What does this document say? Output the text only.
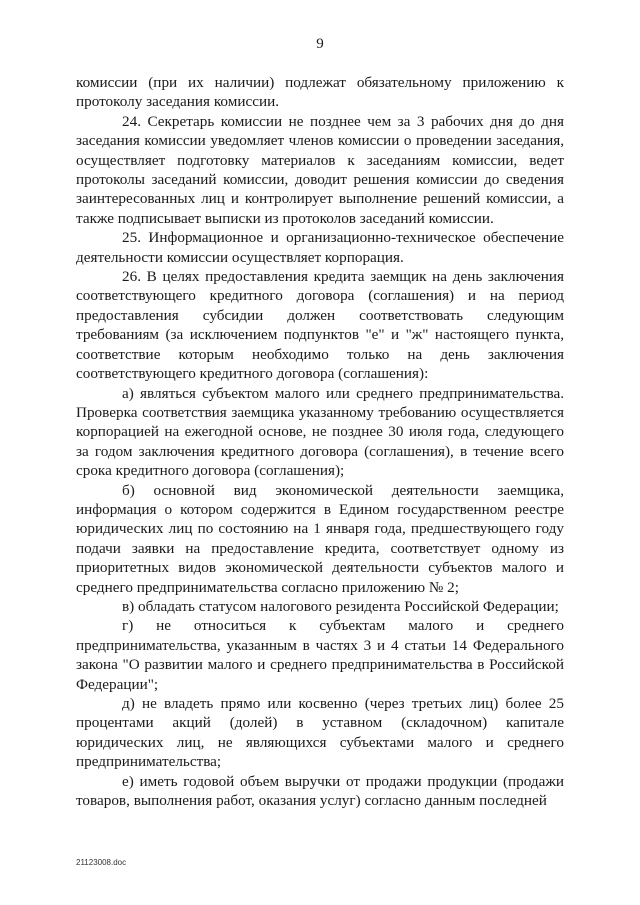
9

комиссии (при их наличии) подлежат обязательному приложению к протоколу заседания комиссии.

24. Секретарь комиссии не позднее чем за 3 рабочих дня до дня заседания комиссии уведомляет членов комиссии о проведении заседания, осуществляет подготовку материалов к заседаниям комиссии, ведет протоколы заседаний комиссии, доводит решения комиссии до сведения заинтересованных лиц и контролирует выполнение решений комиссии, а также подписывает выписки из протоколов заседаний комиссии.

25. Информационное и организационно-техническое обеспечение деятельности комиссии осуществляет корпорация.

26. В целях предоставления кредита заемщик на день заключения соответствующего кредитного договора (соглашения) и на период предоставления субсидии должен соответствовать следующим требованиям (за исключением подпунктов "е" и "ж" настоящего пункта, соответствие которым необходимо только на день заключения соответствующего кредитного договора (соглашения):

а) являться субъектом малого или среднего предпринимательства. Проверка соответствия заемщика указанному требованию осуществляется корпорацией на ежегодной основе, не позднее 30 июля года, следующего за годом заключения кредитного договора (соглашения), в течение всего срока кредитного договора (соглашения);

б) основной вид экономической деятельности заемщика, информация о котором содержится в Едином государственном реестре юридических лиц по состоянию на 1 января года, предшествующего году подачи заявки на предоставление кредита, соответствует одному из приоритетных видов экономической деятельности субъектов малого и среднего предпринимательства согласно приложению № 2;

в) обладать статусом налогового резидента Российской Федерации;

г) не относиться к субъектам малого и среднего предпринимательства, указанным в частях 3 и 4 статьи 14 Федерального закона "О развитии малого и среднего предпринимательства в Российской Федерации";

д) не владеть прямо или косвенно (через третьих лиц) более 25 процентами акций (долей) в уставном (складочном) капитале юридических лиц, не являющихся субъектами малого и среднего предпринимательства;

е) иметь годовой объем выручки от продажи продукции (продажи товаров, выполнения работ, оказания услуг) согласно данным последней

21123008.doc
